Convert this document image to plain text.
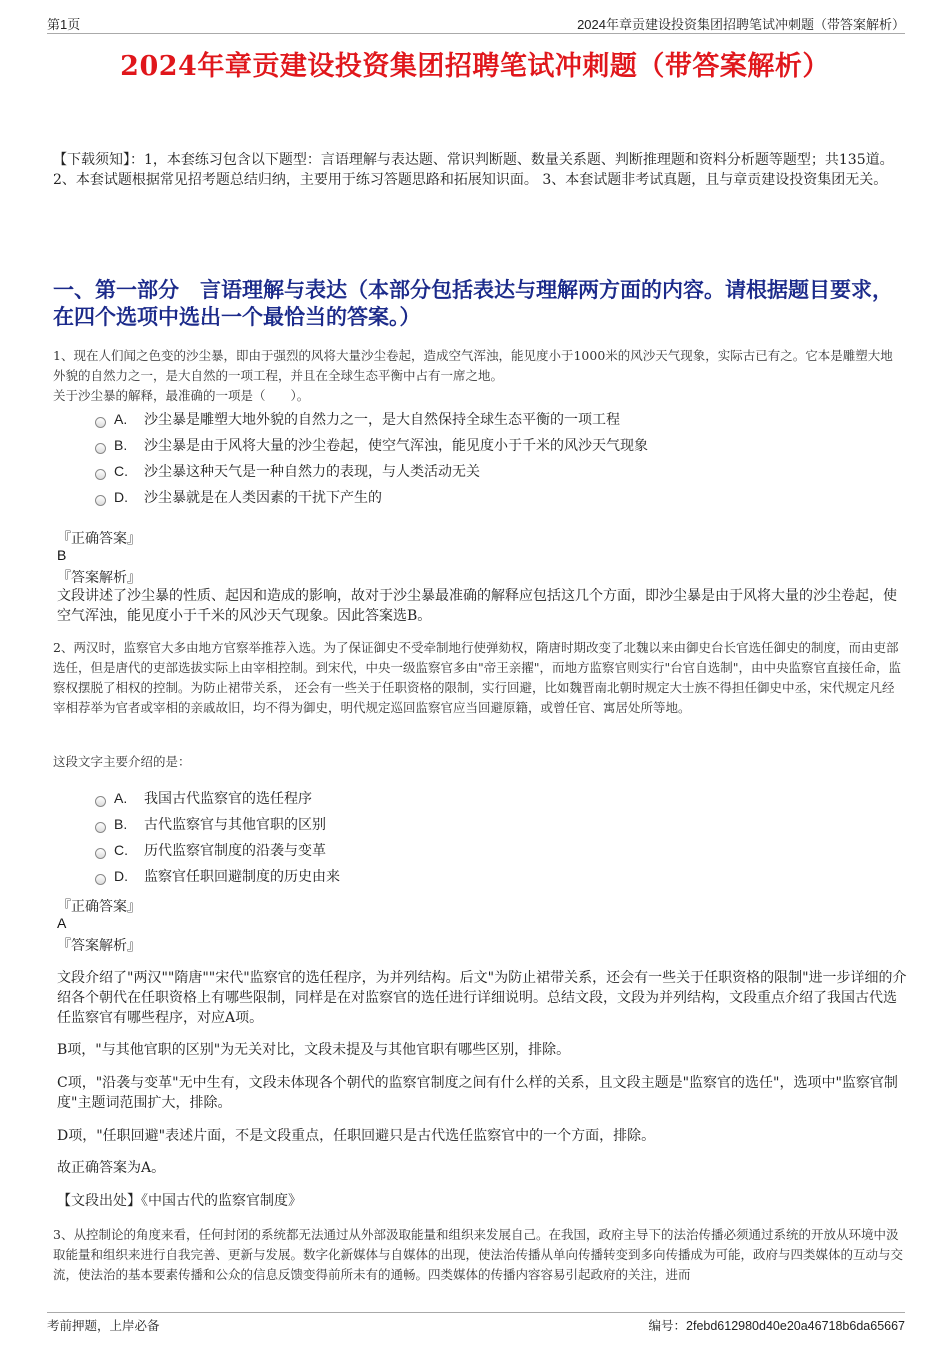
第1页	2024年章贡建设投资集团招聘笔试冲刺题（带答案解析）
2024年章贡建设投资集团招聘笔试冲刺题（带答案解析）

【下载须知】：1，本套练习包含以下题型：言语理解与表达题、常识判断题、数量关系题、判断推理题和资料分析题等题型；共135道。 2、本套试题根据常见招考题总结归纳，主要用于练习答题思路和拓展知识面。 3、本套试题非考试真题，且与章贡建设投资集团无关。

一、第一部分　言语理解与表达（本部分包括表达与理解两方面的内容。请根据题目要求，在四个选项中选出一个最恰当的答案。）

1、现在人们闻之色变的沙尘暴，即由于强烈的风将大量沙尘卷起，造成空气浑浊，能见度小于1000米的风沙天气现象，实际古已有之。它本是雕塑大地外貌的自然力之一，是大自然的一项工程，并且在全球生态平衡中占有一席之地。

关于沙尘暴的解释，最准确的一项是（　　）。

A.	沙尘暴是雕塑大地外貌的自然力之一，是大自然保持全球生态平衡的一项工程
B.	沙尘暴是由于风将大量的沙尘卷起，使空气浑浊，能见度小于千米的风沙天气现象
C.	沙尘暴这种天气是一种自然力的表现，与人类活动无关
D.	沙尘暴就是在人类因素的干扰下产生的
『正确答案』
B
『答案解析』

文段讲述了沙尘暴的性质、起因和造成的影响，故对于沙尘暴最准确的解释应包括这几个方面，即沙尘暴是由于风将大量的沙尘卷起，使空气浑浊，能见度小于千米的风沙天气现象。因此答案选B。

2、两汉时，监察官大多由地方官察举推荐入选。为了保证御史不受牵制地行使弹劾权，隋唐时期改变了北魏以来由御史台长官选任御史的制度，而由吏部选任，但是唐代的吏部选拔实际上由宰相控制。到宋代，中央一级监察官多由"帝王亲擢"，而地方监察官则实行"台官自选制"，由中央监察官直接任命，监察权摆脱了相权的控制。为防止裙带关系， 还会有一些关于任职资格的限制，实行回避，比如魏晋南北朝时规定大士族不得担任御史中丞，宋代规定凡经宰相荐举为官者或宰相的亲戚故旧，均不得为御史，明代规定巡回监察官应当回避原籍，或曾任官、寓居处所等地。

这段文字主要介绍的是：

A.	我国古代监察官的选任程序
B.	古代监察官与其他官职的区别
C.	历代监察官制度的沿袭与变革
D.	监察官任职回避制度的历史由来
『正确答案』
A
『答案解析』

文段介绍了"两汉""隋唐""宋代"监察官的选任程序，为并列结构。后文"为防止裙带关系，还会有一些关于任职资格的限制"进一步详细的介绍各个朝代在任职资格上有哪些限制，同样是在对监察官的选任进行详细说明。总结文段，文段为并列结构，文段重点介绍了我国古代选任监察官有哪些程序，对应A项。

B项，"与其他官职的区别"为无关对比，文段未提及与其他官职有哪些区别，排除。

C项，"沿袭与变革"无中生有，文段未体现各个朝代的监察官制度之间有什么样的关系，且文段主题是"监察官的选任"，选项中"监察官制度"主题词范围扩大，排除。

D项，"任职回避"表述片面，不是文段重点，任职回避只是古代选任监察官中的一个方面，排除。

故正确答案为A。

【文段出处】《中国古代的监察官制度》

3、从控制论的角度来看，任何封闭的系统都无法通过从外部汲取能量和组织来发展自己。在我国，政府主导下的法治传播必须通过系统的开放从环境中汲取能量和组织来进行自我完善、更新与发展。数字化新媒体与自媒体的出现，使法治传播从单向传播转变到多向传播成为可能，政府与四类媒体的互动与交流，使法治的基本要素传播和公众的信息反馈变得前所未有的通畅。四类媒体的传播内容容易引起政府的关注，进而

考前押题，上岸必备	编号：2febd612980d40e20a46718b6da65667
